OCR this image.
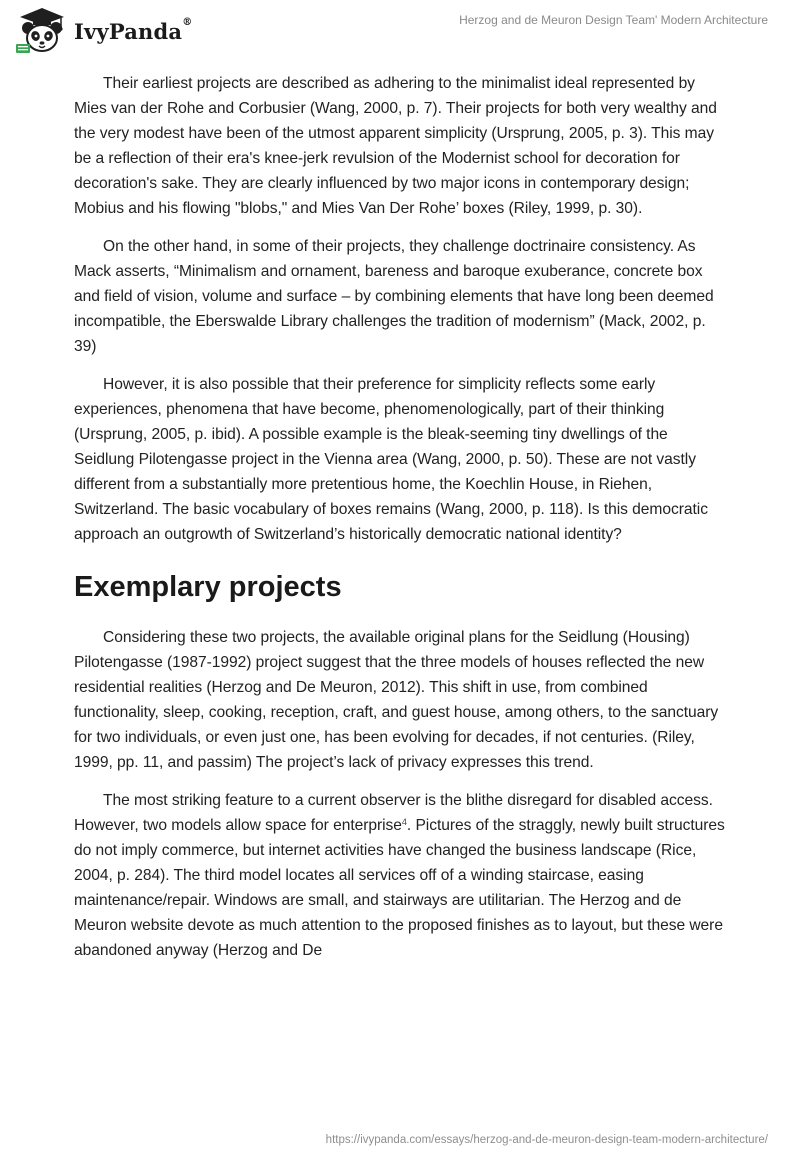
IvyPanda®	Herzog and de Meuron Design Team' Modern Architecture

Their earliest projects are described as adhering to the minimalist ideal represented by Mies van der Rohe and Corbusier (Wang, 2000, p. 7). Their projects for both very wealthy and the very modest have been of the utmost apparent simplicity (Ursprung, 2005, p. 3). This may be a reflection of their era's knee-jerk revulsion of the Modernist school for decoration for decoration's sake. They are clearly influenced by two major icons in contemporary design; Mobius and his flowing "blobs," and Mies Van Der Rohe’ boxes (Riley, 1999, p. 30).

On the other hand, in some of their projects, they challenge doctrinaire consistency. As Mack asserts, “Minimalism and ornament, bareness and baroque exuberance, concrete box and field of vision, volume and surface – by combining elements that have long been deemed incompatible, the Eberswalde Library challenges the tradition of modernism” (Mack, 2002, p. 39)

However, it is also possible that their preference for simplicity reflects some early experiences, phenomena that have become, phenomenologically, part of their thinking (Ursprung, 2005, p. ibid). A possible example is the bleak-seeming tiny dwellings of the Seidlung Pilotengasse project in the Vienna area (Wang, 2000, p. 50). These are not vastly different from a substantially more pretentious home, the Koechlin House, in Riehen, Switzerland. The basic vocabulary of boxes remains (Wang, 2000, p. 118). Is this democratic approach an outgrowth of Switzerland’s historically democratic national identity?

Exemplary projects

Considering these two projects, the available original plans for the Seidlung (Housing) Pilotengasse (1987-1992) project suggest that the three models of houses reflected the new residential realities (Herzog and De Meuron, 2012). This shift in use, from combined functionality, sleep, cooking, reception, craft, and guest house, among others, to the sanctuary for two individuals, or even just one, has been evolving for decades, if not centuries. (Riley, 1999, pp. 11, and passim) The project’s lack of privacy expresses this trend.

The most striking feature to a current observer is the blithe disregard for disabled access. However, two models allow space for enterprise$^4$. Pictures of the straggly, newly built structures do not imply commerce, but internet activities have changed the business landscape (Rice, 2004, p. 284). The third model locates all services off of a winding staircase, easing maintenance/repair. Windows are small, and stairways are utilitarian. The Herzog and de Meuron website devote as much attention to the proposed finishes as to layout, but these were abandoned anyway (Herzog and De

https://ivypanda.com/essays/herzog-and-de-meuron-design-team-modern-architecture/
